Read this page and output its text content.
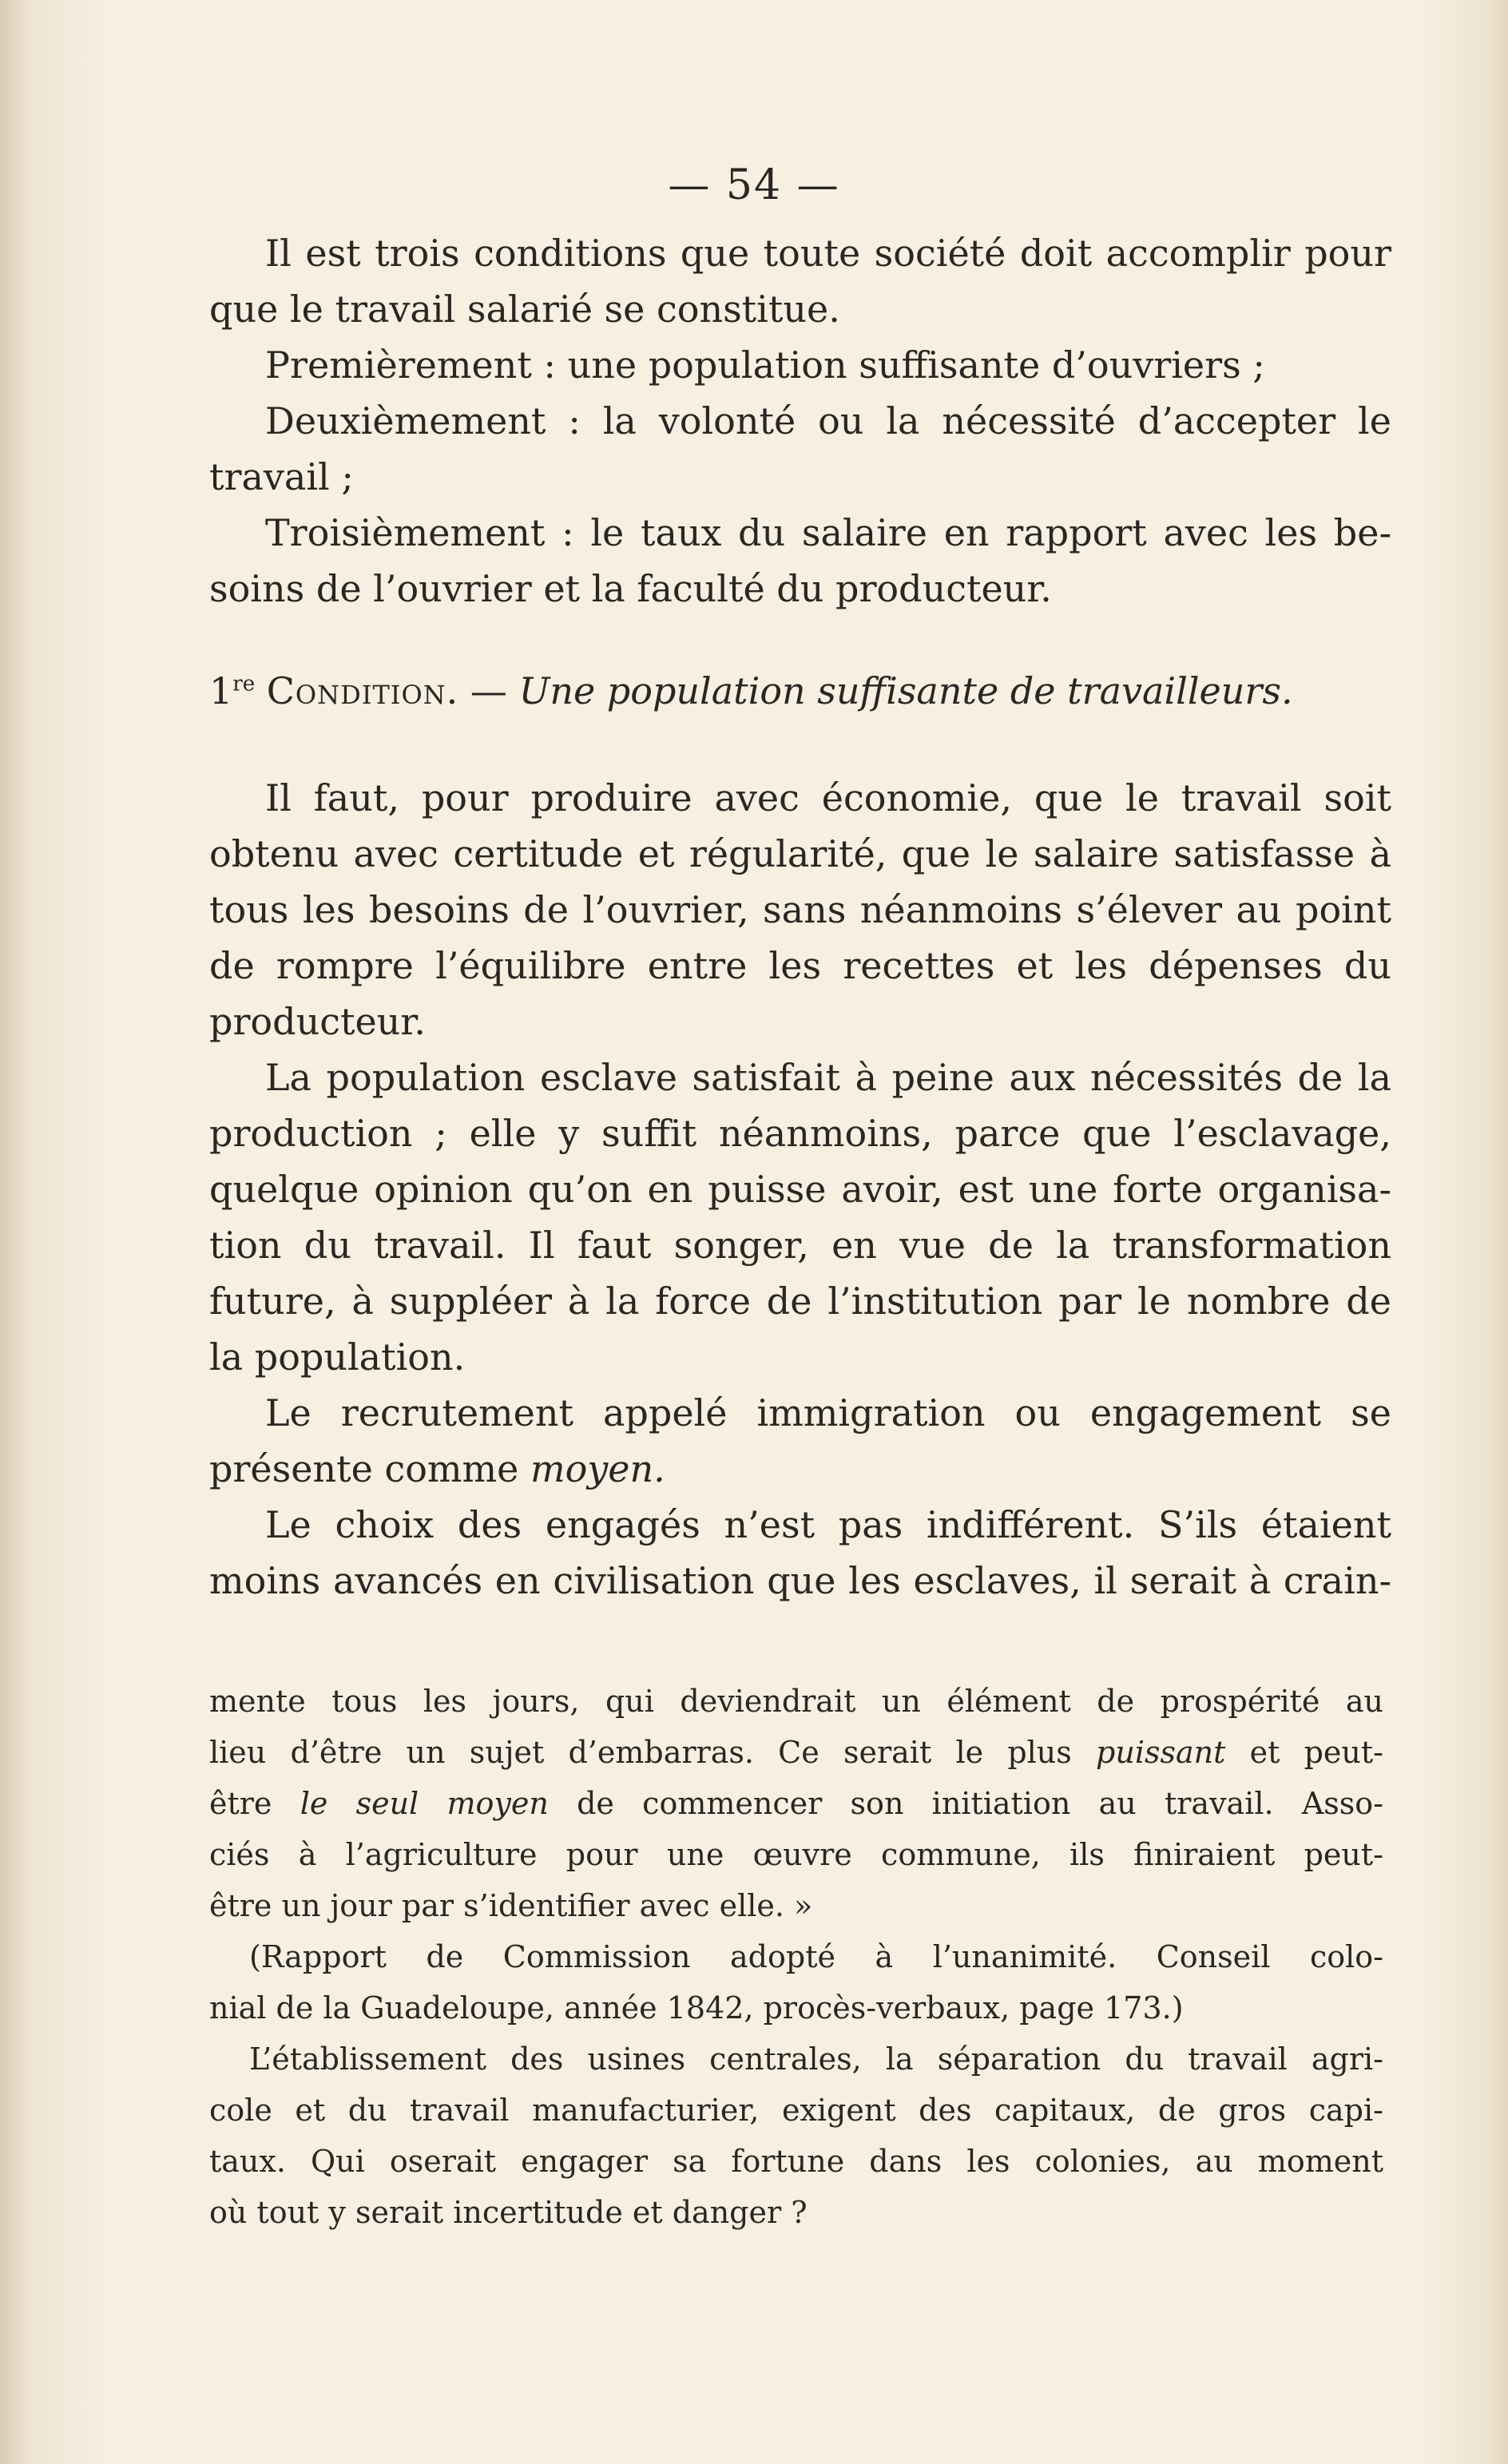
— 54 —
Il est trois conditions que toute société doit accomplir pour
que le travail salarié se constitue.
Premièrement : une population suffisante d’ouvriers ;
Deuxièmement : la volonté ou la nécessité d’accepter le
travail ;
Troisièmement : le taux du salaire en rapport avec les be-
soins de l’ouvrier et la faculté du producteur.
1re Condition. — Une population suffisante de travailleurs.
Il faut, pour produire avec économie, que le travail soit
obtenu avec certitude et régularité, que le salaire satisfasse à
tous les besoins de l’ouvrier, sans néanmoins s’élever au point
de rompre l’équilibre entre les recettes et les dépenses du
producteur.
La population esclave satisfait à peine aux nécessités de la
production ; elle y suffit néanmoins, parce que l’esclavage,
quelque opinion qu’on en puisse avoir, est une forte organisa-
tion du travail. Il faut songer, en vue de la transformation
future, à suppléer à la force de l’institution par le nombre de
la population.
Le recrutement appelé immigration ou engagement se
présente comme moyen.
Le choix des engagés n’est pas indifférent. S’ils étaient
moins avancés en civilisation que les esclaves, il serait à crain-
mente tous les jours, qui deviendrait un élément de prospérité au
lieu d’être un sujet d’embarras. Ce serait le plus puissant et peut-
être le seul moyen de commencer son initiation au travail. Asso-
ciés à l’agriculture pour une œuvre commune, ils finiraient peut-
être un jour par s’identifier avec elle. »
(Rapport de Commission adopté à l’unanimité. Conseil colo-
nial de la Guadeloupe, année 1842, procès-verbaux, page 173.)
L’établissement des usines centrales, la séparation du travail agri-
cole et du travail manufacturier, exigent des capitaux, de gros capi-
taux. Qui oserait engager sa fortune dans les colonies, au moment
où tout y serait incertitude et danger ?
